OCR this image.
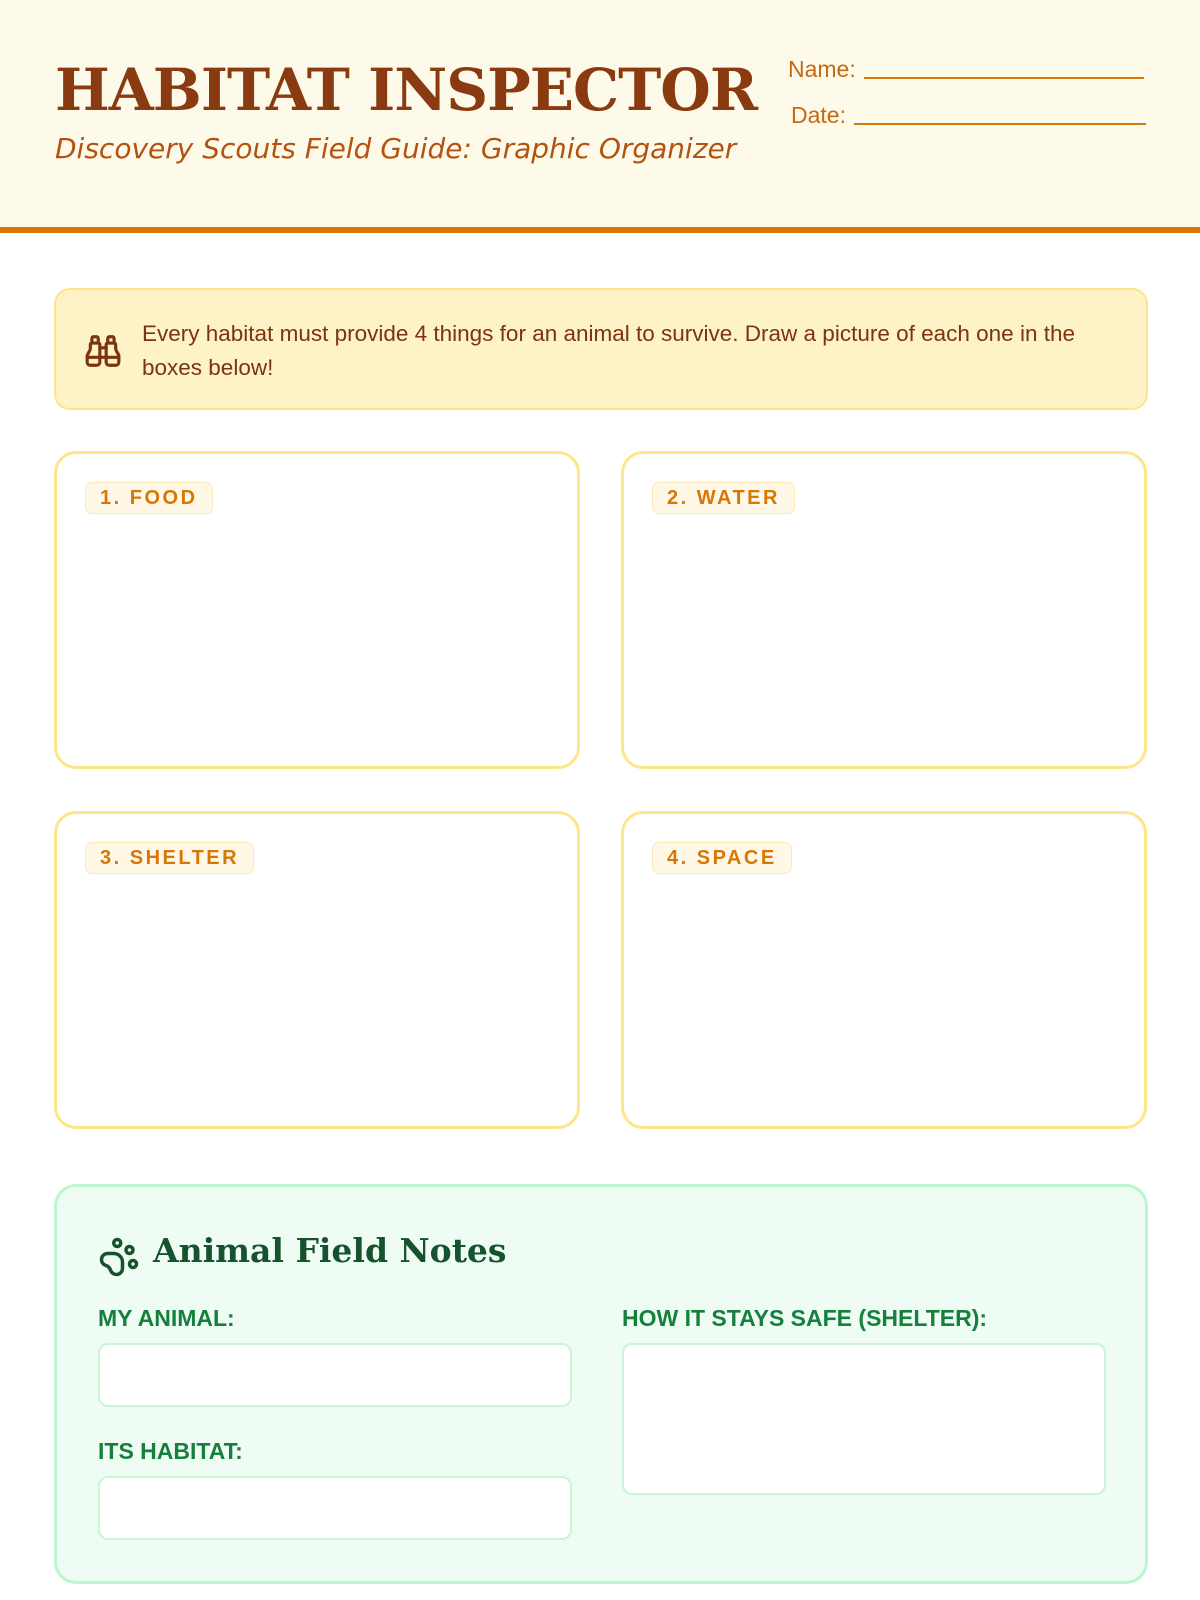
HABITAT INSPECTOR
Discovery Scouts Field Guide: Graphic Organizer
Name:
Date:
Every habitat must provide 4 things for an animal to survive. Draw a picture of each one in the boxes below!
1. FOOD	2. WATER
3. SHELTER	4. SPACE
Animal Field Notes
MY ANIMAL:
ITS HABITAT:
HOW IT STAYS SAFE (SHELTER):
